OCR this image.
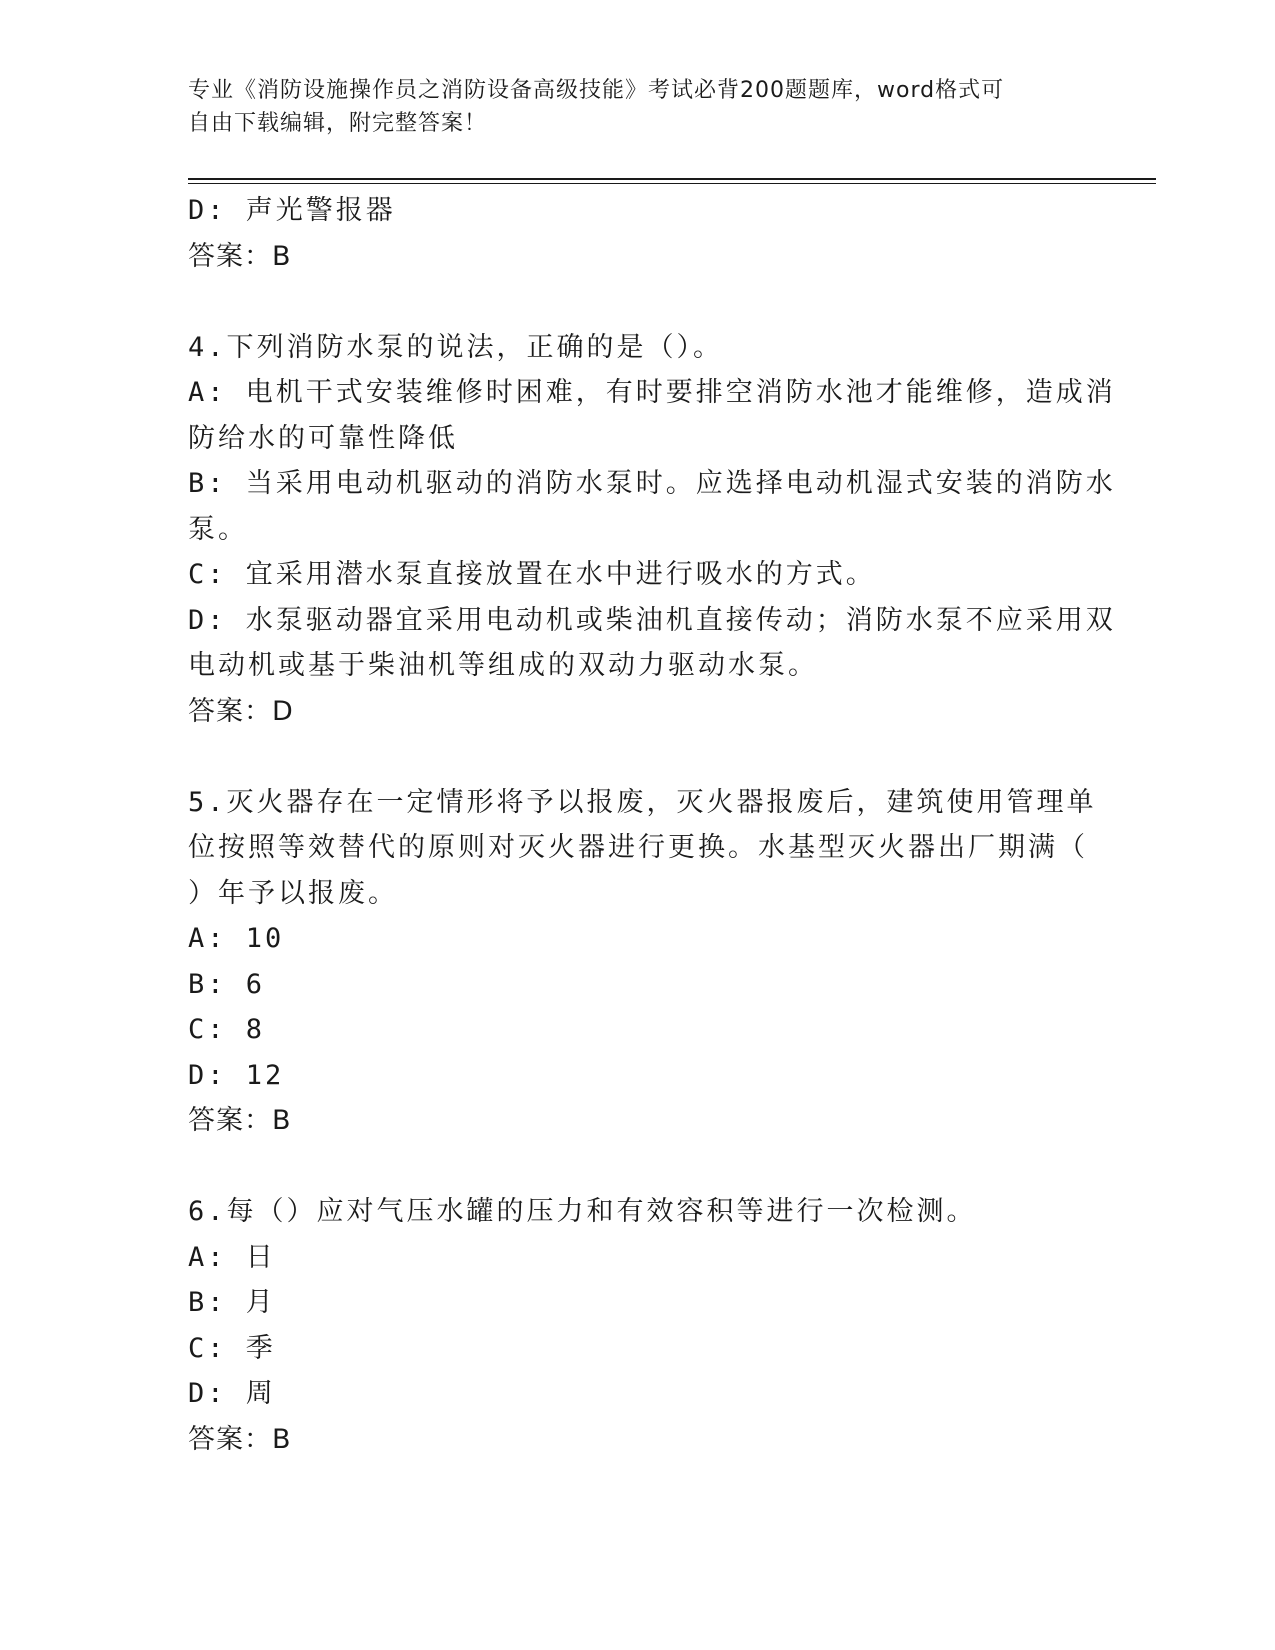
专业《消防设施操作员之消防设备高级技能》考试必背200题题库，word格式可
自由下载编辑，附完整答案！
D: 声光警报器
答案：B
4.下列消防水泵的说法，正确的是（）。
A: 电机干式安装维修时困难，有时要排空消防水池才能维修，造成消
防给水的可靠性降低
B: 当采用电动机驱动的消防水泵时。应选择电动机湿式安装的消防水
泵。
C: 宜采用潜水泵直接放置在水中进行吸水的方式。
D: 水泵驱动器宜采用电动机或柴油机直接传动；消防水泵不应采用双
电动机或基于柴油机等组成的双动力驱动水泵。
答案：D
5.灭火器存在一定情形将予以报废，灭火器报废后，建筑使用管理单
位按照等效替代的原则对灭火器进行更换。水基型灭火器出厂期满（
）年予以报废。
A: 10
B: 6
C: 8
D: 12
答案：B
6.每（）应对气压水罐的压力和有效容积等进行一次检测。
A: 日
B: 月
C: 季
D: 周
答案：B
